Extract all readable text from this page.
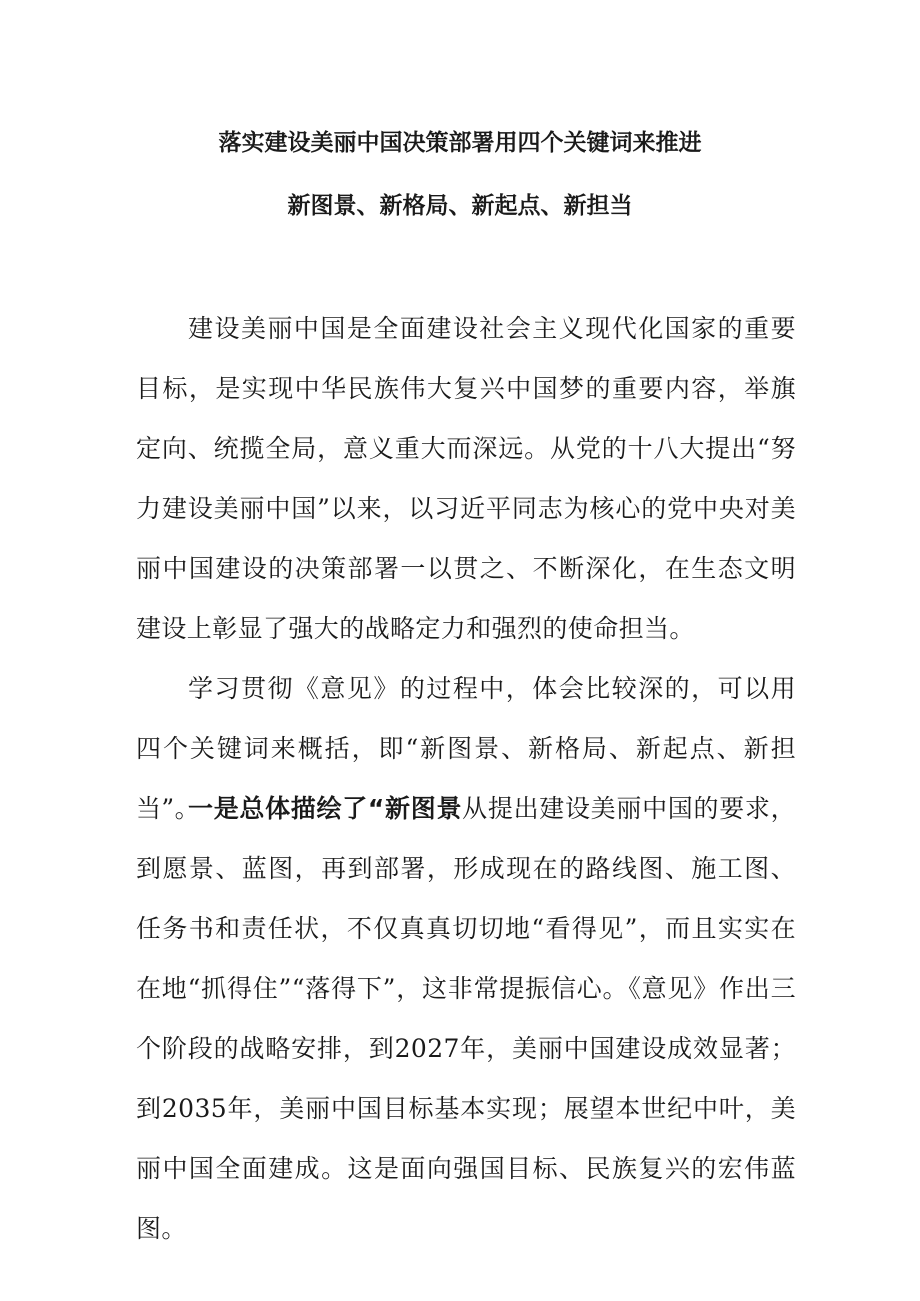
落实建设美丽中国决策部署用四个关键词来推进
新图景、新格局、新起点、新担当

建设美丽中国是全面建设社会主义现代化国家的重要目标，是实现中华民族伟大复兴中国梦的重要内容，举旗定向、统揽全局，意义重大而深远。从党的十八大提出“努力建设美丽中国”以来，以习近平同志为核心的党中央对美丽中国建设的决策部署一以贯之、不断深化，在生态文明建设上彰显了强大的战略定力和强烈的使命担当。

学习贯彻《意见》的过程中，体会比较深的，可以用四个关键词来概括，即“新图景、新格局、新起点、新担当”。

一是总体描绘了“新图景从提出建设美丽中国的要求，到愿景、蓝图，再到部署，形成现在的路线图、施工图、任务书和责任状，不仅真真切切地“看得见”，而且实实在在地“抓得住”“落得下”，这非常提振信心。《意见》作出三个阶段的战略安排，到2027年，美丽中国建设成效显著；到2035年，美丽中国目标基本实现；展望本世纪中叶，美丽中国全面建成。这是面向强国目标、民族复兴的宏伟蓝图。
